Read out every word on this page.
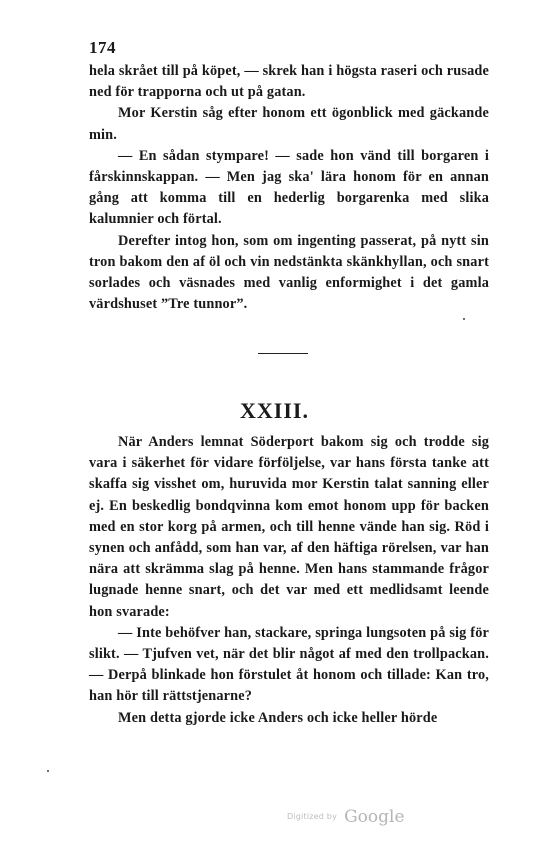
174

hela skrået till på köpet, — skrek han i högsta raseri och rusade ned för trapporna och ut på gatan.

Mor Kerstin såg efter honom ett ögonblick med gäckande min.

— En sådan stympare! — sade hon vänd till borgaren i fårskinnskappan. — Men jag ska' lära honom för en annan gång att komma till en hederlig borgarenka med slika kalumnier och förtal.

Derefter intog hon, som om ingenting passerat, på nytt sin tron bakom den af öl och vin nedstänkta skänkhyllan, och snart sorlades och väsnades med vanlig enformighet i det gamla värdshuset ”Tre tunnor”.

XXIII.

När Anders lemnat Söderport bakom sig och trodde sig vara i säkerhet för vidare förföljelse, var hans första tanke att skaffa sig visshet om, huruvida mor Kerstin talat sanning eller ej. En beskedlig bondqvinna kom emot honom upp för backen med en stor korg på armen, och till henne vände han sig. Röd i synen och anfådd, som han var, af den häftiga rörelsen, var han nära att skrämma slag på henne. Men hans stammande frågor lugnade henne snart, och det var med ett medlidsamt leende hon svarade:

— Inte behöfver han, stackare, springa lungsoten på sig för slikt. — Tjufven vet, när det blir något af med den trollpackan. — Derpå blinkade hon förstulet åt honom och tillade: Kan tro, han hör till rättstjenarne?

Men detta gjorde icke Anders och icke heller hörde

Digitized by Google
